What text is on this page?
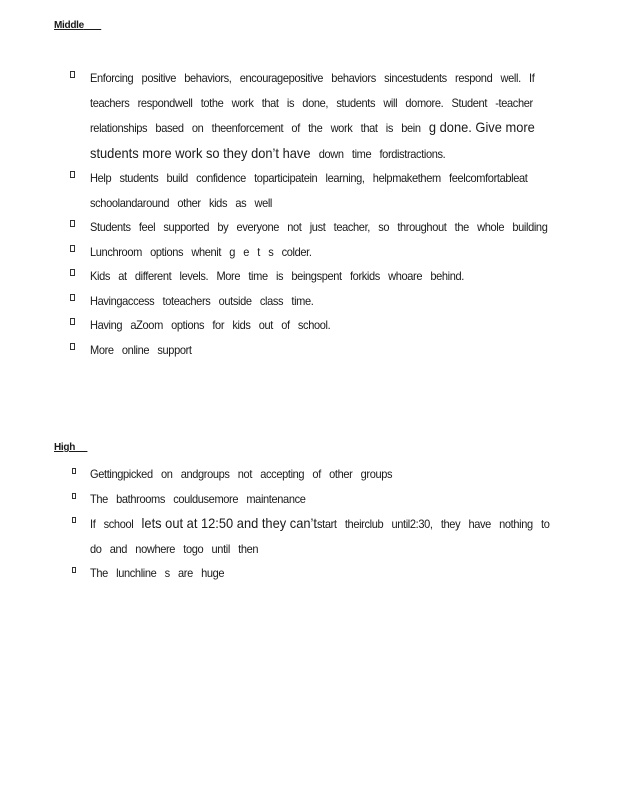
Middle
Enforcing positive behaviors, encouragepositive behaviors sincestudents respond well. If teachers respondwell tothe work that is done, students will domore. Student -teacher relationships based on theenforcement of the work that is bein g done. Give more students more work so they don’t have down time fordistractions.
Help students build confidence toparticipatein learning, helpmakethem feelcomfortableat schoolandaround other kids as well
Students feel supported by everyone not just teacher, so throughout the whole building
Lunchroom options whenit g e t s colder.
Kids at different levels. More time is beingspent forkids whoare behind.
Havingaccess toteachers outside class time.
Having aZoom options for kids out of school.
More online support
High
Gettingpicked on andgroups not accepting of other groups
The bathrooms couldusemore maintenance
If school lets out at 12:50 and they can’tstart theirclub until2:30, they have nothing to do and nowhere togo until then
The lunchline s are huge
